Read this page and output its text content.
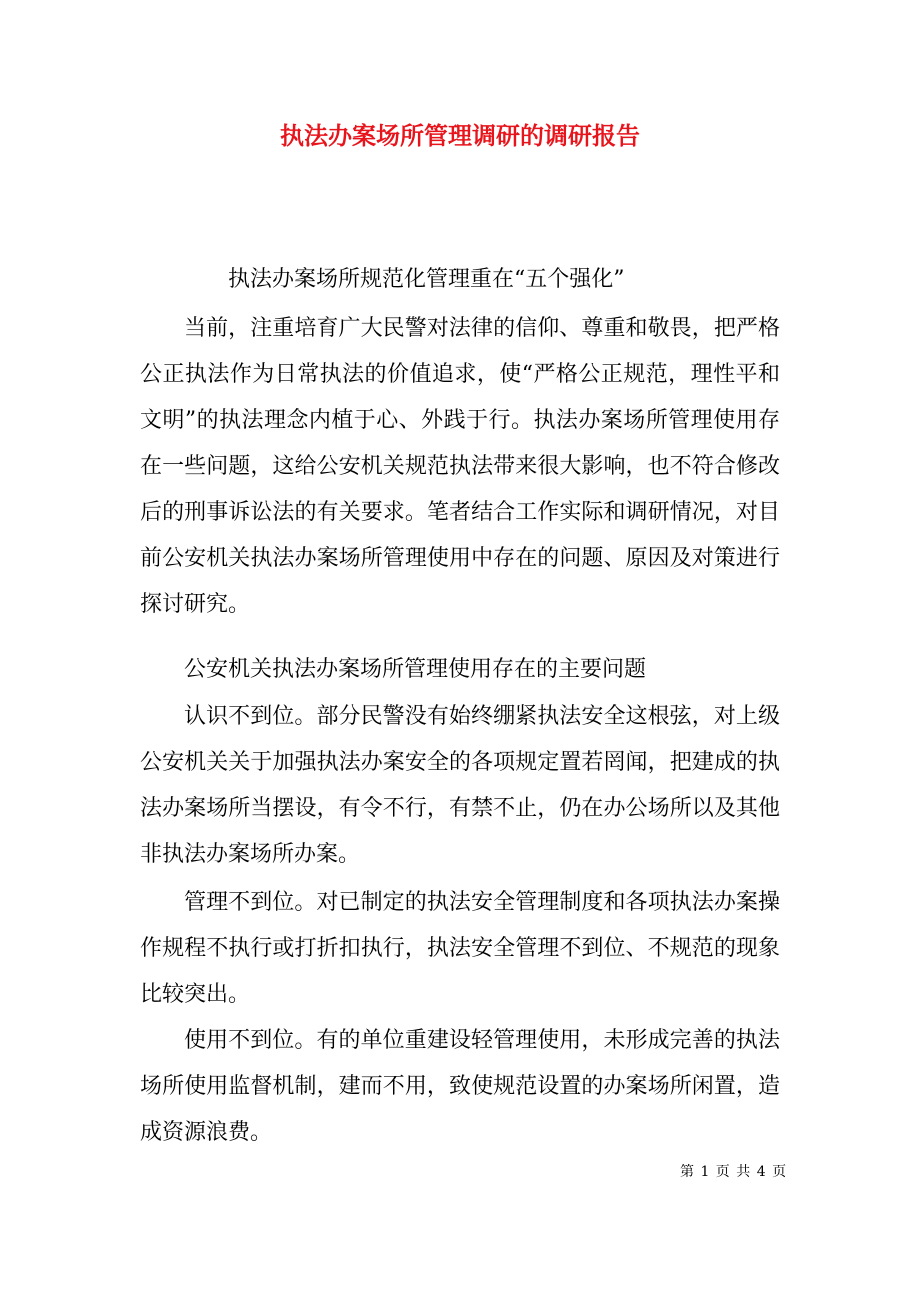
执法办案场所管理调研的调研报告
执法办案场所规范化管理重在“五个强化”
当前，注重培育广大民警对法律的信仰、尊重和敬畏，把严格公正执法作为日常执法的价值追求，使“严格公正规范，理性平和文明”的执法理念内植于心、外践于行。执法办案场所管理使用存在一些问题，这给公安机关规范执法带来很大影响，也不符合修改后的刑事诉讼法的有关要求。笔者结合工作实际和调研情况，对目前公安机关执法办案场所管理使用中存在的问题、原因及对策进行探讨研究。
公安机关执法办案场所管理使用存在的主要问题
认识不到位。部分民警没有始终绷紧执法安全这根弦，对上级公安机关关于加强执法办案安全的各项规定置若罔闻，把建成的执法办案场所当摆设，有令不行，有禁不止，仍在办公场所以及其他非执法办案场所办案。
管理不到位。对已制定的执法安全管理制度和各项执法办案操作规程不执行或打折扣执行，执法安全管理不到位、不规范的现象比较突出。
使用不到位。有的单位重建设轻管理使用，未形成完善的执法场所使用监督机制，建而不用，致使规范设置的办案场所闲置，造成资源浪费。
第 1 页 共 4 页
